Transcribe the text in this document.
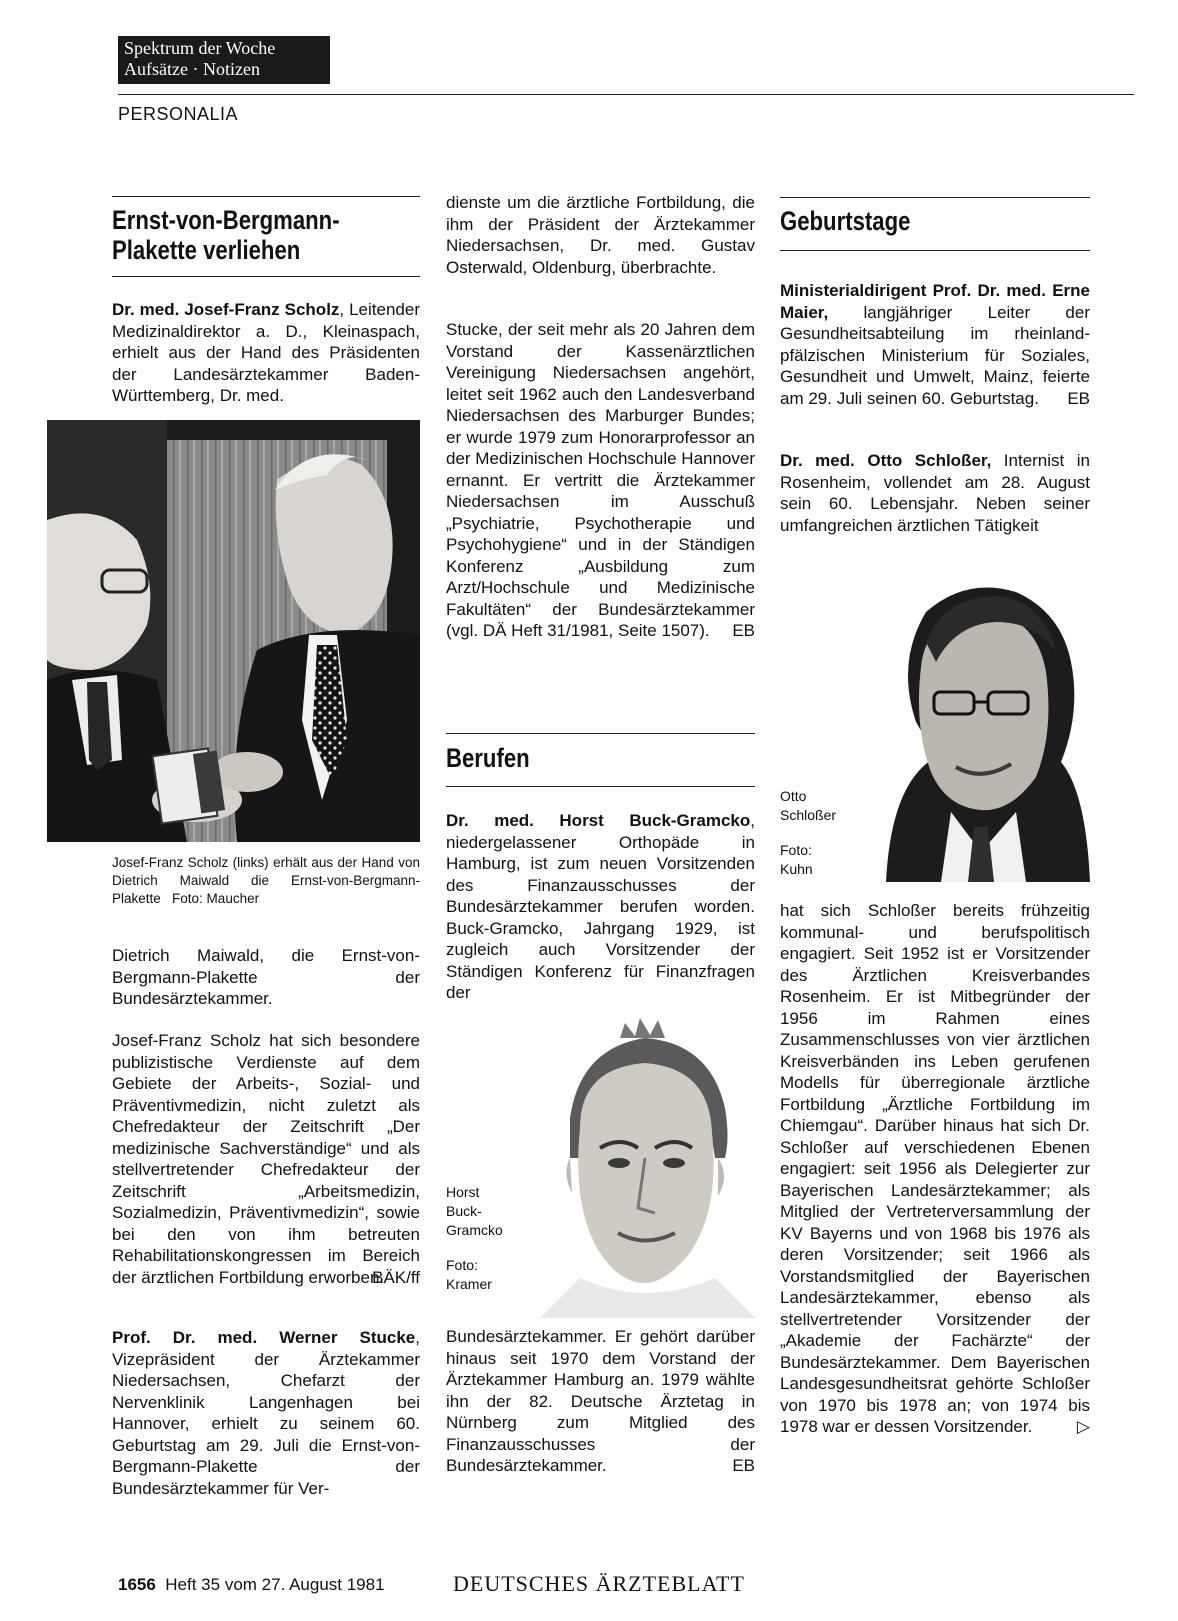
Spektrum der Woche
Aufsätze · Notizen
PERSONALIA
Ernst-von-Bergmann-
Plakette verliehen
Dr. med. Josef-Franz Scholz, Leitender Medizinaldirektor a. D., Kleinaspach, erhielt aus der Hand des Präsidenten der Landesärztekammer Baden-Württemberg, Dr. med.
Josef-Franz Scholz (links) erhält aus der Hand von Dietrich Maiwald die Ernst-von-Bergmann-Plakette Foto: Maucher
Dietrich Maiwald, die Ernst-von-Bergmann-Plakette der Bundesärztekammer.
Josef-Franz Scholz hat sich besondere publizistische Verdienste auf dem Gebiete der Arbeits-, Sozial- und Präventivmedizin, nicht zuletzt als Chefredakteur der Zeitschrift „Der medizinische Sachverständige“ und als stellvertretender Chefredakteur der Zeitschrift „Arbeitsmedizin, Sozialmedizin, Präventivmedizin“, sowie bei den von ihm betreuten Rehabilitationskongressen im Bereich der ärztlichen Fortbildung erworben.
BÄK/ff
Prof. Dr. med. Werner Stucke, Vizepräsident der Ärztekammer Niedersachsen, Chefarzt der Nervenklinik Langenhagen bei Hannover, erhielt zu seinem 60. Geburtstag am 29. Juli die Ernst-von-Bergmann-Plakette der Bundesärztekammer für Ver-
dienste um die ärztliche Fortbildung, die ihm der Präsident der Ärztekammer Niedersachsen, Dr. med. Gustav Osterwald, Oldenburg, überbrachte.
Stucke, der seit mehr als 20 Jahren dem Vorstand der Kassenärztlichen Vereinigung Niedersachsen angehört, leitet seit 1962 auch den Landesverband Niedersachsen des Marburger Bundes; er wurde 1979 zum Honorarprofessor an der Medizinischen Hochschule Hannover ernannt. Er vertritt die Ärztekammer Niedersachsen im Ausschuß „Psychiatrie, Psychotherapie und Psychohygiene“ und in der Ständigen Konferenz „Ausbildung zum Arzt/Hochschule und Medizinische Fakultäten“ der Bundesärztekammer (vgl. DÄ Heft 31/1981, Seite 1507).	EB
Berufen
Dr. med. Horst Buck-Gramcko, niedergelassener Orthopäde in Hamburg, ist zum neuen Vorsitzenden des Finanzausschusses der Bundesärztekammer berufen worden. Buck-Gramcko, Jahrgang 1929, ist zugleich auch Vorsitzender der Ständigen Konferenz für Finanzfragen der
Horst
Buck-
Gramcko
Foto:
Kramer
Bundesärztekammer. Er gehört darüber hinaus seit 1970 dem Vorstand der Ärztekammer Hamburg an. 1979 wählte ihn der 82. Deutsche Ärztetag in Nürnberg zum Mitglied des Finanzausschusses der Bundesärztekammer.	EB
Geburtstage
Ministerialdirigent Prof. Dr. med. Erne Maier, langjähriger Leiter der Gesundheitsabteilung im rheinland-pfälzischen Ministerium für Soziales, Gesundheit und Umwelt, Mainz, feierte am 29. Juli seinen 60. Geburtstag.	EB
Dr. med. Otto Schloßer, Internist in Rosenheim, vollendet am 28. August sein 60. Lebensjahr. Neben seiner umfangreichen ärztlichen Tätigkeit
Otto
Schloßer
Foto:
Kuhn
hat sich Schloßer bereits frühzeitig kommunal- und berufspolitisch engagiert. Seit 1952 ist er Vorsitzender des Ärztlichen Kreisverbandes Rosenheim. Er ist Mitbegründer der 1956 im Rahmen eines Zusammenschlusses von vier ärztlichen Kreisverbänden ins Leben gerufenen Modells für überregionale ärztliche Fortbildung „Ärztliche Fortbildung im Chiemgau“. Darüber hinaus hat sich Dr. Schloßer auf verschiedenen Ebenen engagiert: seit 1956 als Delegierter zur Bayerischen Landesärztekammer; als Mitglied der Vertreterversammlung der KV Bayerns und von 1968 bis 1976 als deren Vorsitzender; seit 1966 als Vorstandsmitglied der Bayerischen Landesärztekammer, ebenso als stellvertretender Vorsitzender der „Akademie der Fachärzte“ der Bundesärztekammer. Dem Bayerischen Landesgesundheitsrat gehörte Schloßer von 1970 bis 1978 an; von 1974 bis 1978 war er dessen Vorsitzender.	▷
1656 Heft 35 vom 27. August 1981	DEUTSCHES ÄRZTEBLATT
